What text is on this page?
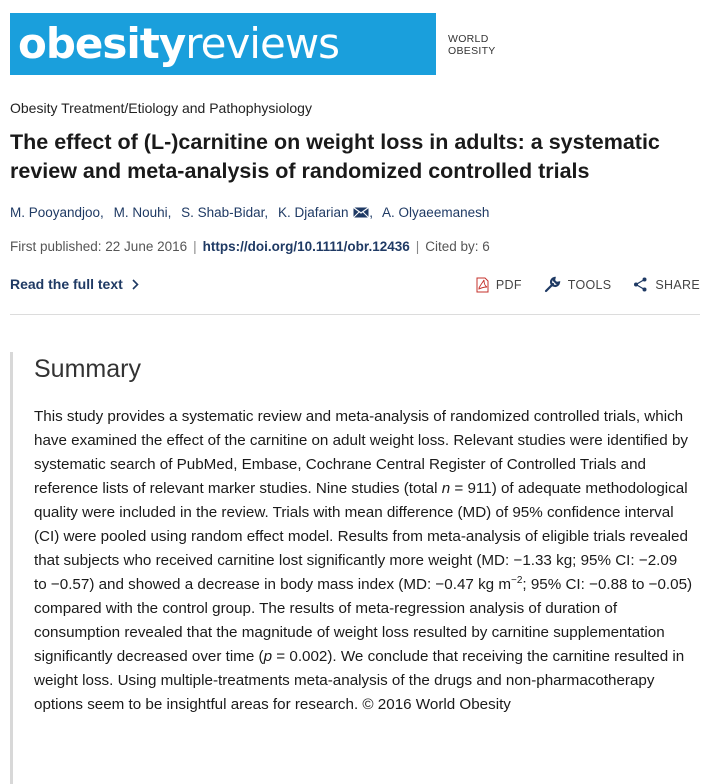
obesityreviews	WORLD
OBESITY
Obesity Treatment/Etiology and Pathophysiology
The effect of (L-)carnitine on weight loss in adults: a systematic review and meta-analysis of randomized controlled trials
M. Pooyandjoo, M. Nouhi, S. Shab-Bidar, K. Djafarian , A. Olyaeemanesh
First published: 22 June 2016 | https://doi.org/10.1111/obr.12436 | Cited by: 6
Read the full text	PDF	TOOLS	SHARE
Summary

This study provides a systematic review and meta-analysis of randomized controlled trials, which have examined the effect of the carnitine on adult weight loss. Relevant studies were identified by systematic search of PubMed, Embase, Cochrane Central Register of Controlled Trials and reference lists of relevant marker studies. Nine studies (total n = 911) of adequate methodological quality were included in the review. Trials with mean difference (MD) of 95% confidence interval (CI) were pooled using random effect model. Results from meta-analysis of eligible trials revealed that subjects who received carnitine lost significantly more weight (MD: −1.33 kg; 95% CI: −2.09 to −0.57) and showed a decrease in body mass index (MD: −0.47 kg $m^{-2}$; 95% CI: −0.88 to −0.05) compared with the control group. The results of meta-regression analysis of duration of consumption revealed that the magnitude of weight loss resulted by carnitine supplementation significantly decreased over time (p = 0.002). We conclude that receiving the carnitine resulted in weight loss. Using multiple-treatments meta-analysis of the drugs and non-pharmacotherapy options seem to be insightful areas for research. © 2016 World Obesity
